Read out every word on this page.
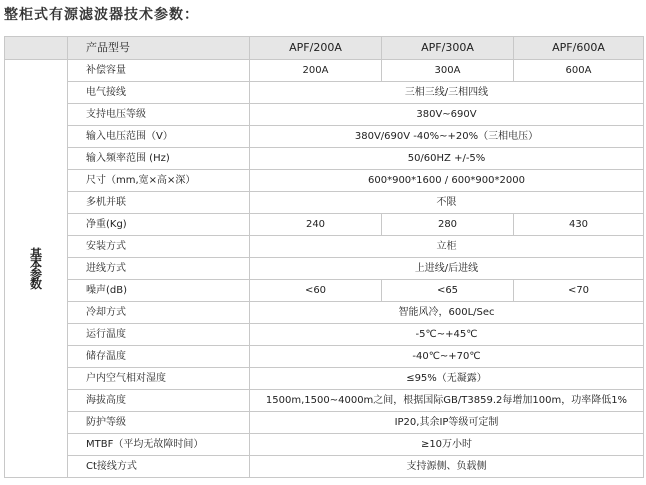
整柜式有源滤波器技术参数：
	产品型号	APF/200A	APF/300A	APF/600A

基
本
参
数	补偿容量	200A	300A	600A
	电气接线	三相三线/三相四线		
	支持电压等级	380V~690V		
	输入电压范围（V）	380V/690V -40%~+20%（三相电压）		
	输入频率范围 (Hz)	50/60HZ +/-5%		
	尺寸（mm,宽×高×深）	600*900*1600 / 600*900*2000		
	多机并联	不限		
	净重(Kg)	240	280	430
	安装方式	立柜		
	进线方式	上进线/后进线		
	噪声(dB)	<60	<65	<70
	冷却方式	智能风冷，600L/Sec		
	运行温度	-5℃~+45℃		
	储存温度	-40℃~+70℃		
	户内空气相对湿度	≤95%（无凝露）		
	海拔高度	1500m,1500~4000m之间，根据国际GB/T3859.2每增加100m，功率降低1%		
	防护等级	IP20,其余IP等级可定制		
	MTBF（平均无故障时间）	≥10万小时		
	Ct接线方式	支持源侧、负载侧		
